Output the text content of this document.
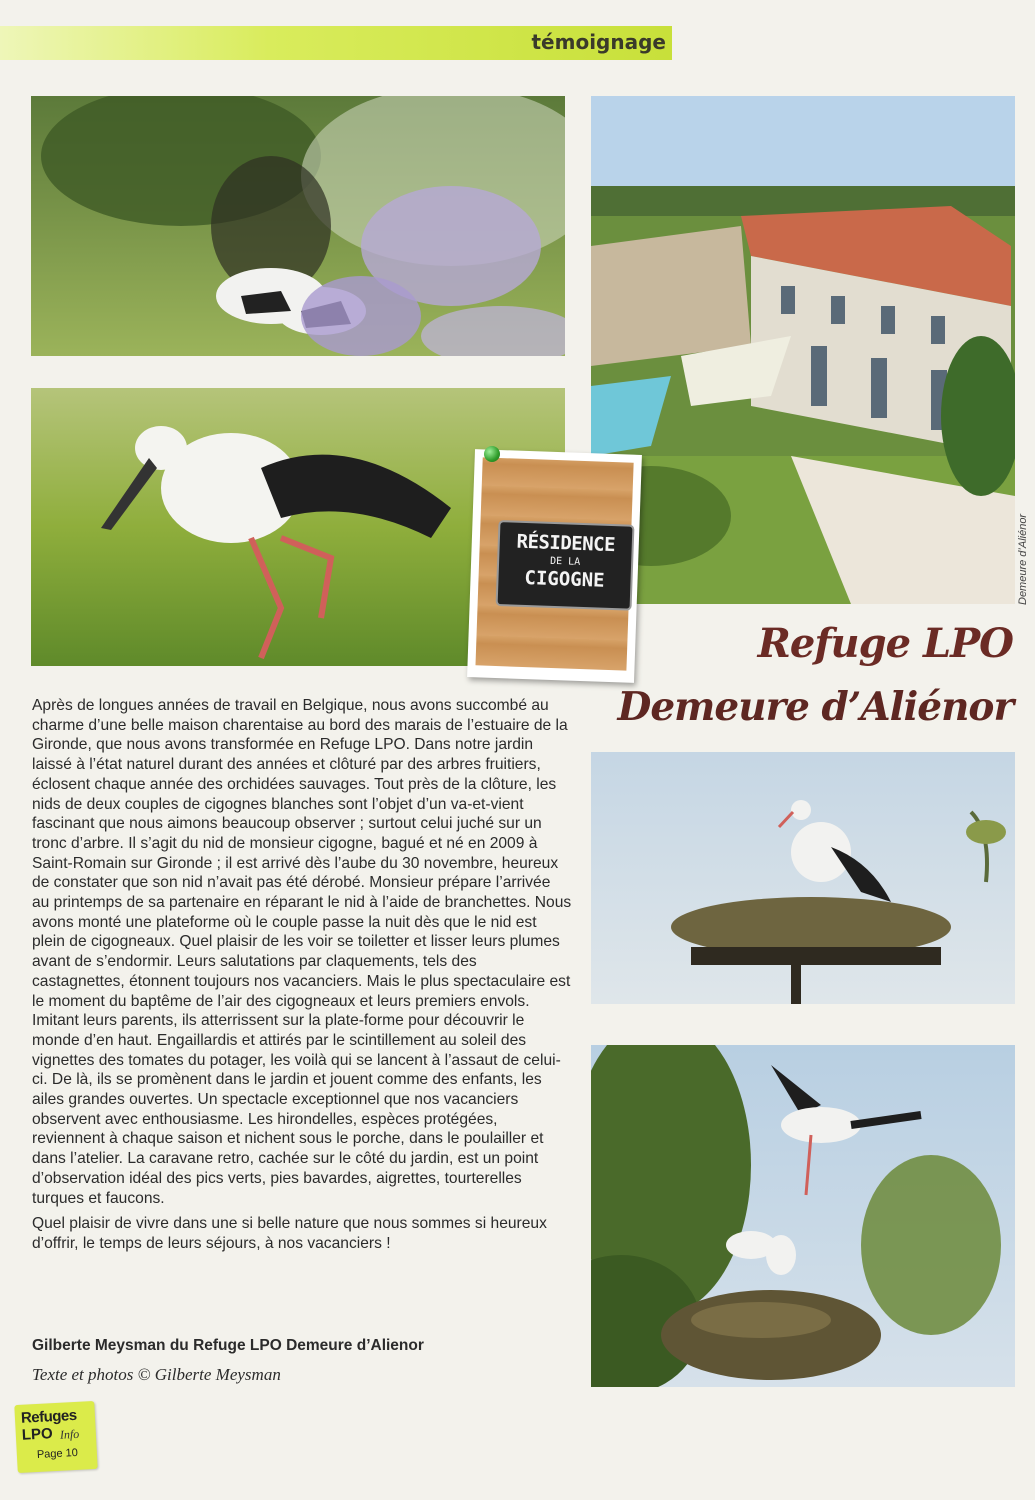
témoignage
Demeure d’Aliénor
RÉSIDENCE
DE LA
CIGOGNE
Refuge LPO
Demeure d’Aliénor

Après de longues années de travail en Belgique, nous avons succombé au charme d’une belle maison charentaise au bord des marais de l’estuaire de la Gironde, que nous avons transformée en Refuge LPO. Dans notre jardin laissé à l’état naturel durant des années et clôturé par des arbres fruitiers, éclosent chaque année des orchidées sauvages. Tout près de la clôture, les nids de deux couples de cigognes blanches sont l’objet d’un va-et-vient fascinant que nous aimons beaucoup observer ; surtout celui juché sur un tronc d’arbre. Il s’agit du nid de monsieur cigogne, bagué et né en 2009 à Saint-Romain sur Gironde ; il est arrivé dès l’aube du 30 novembre, heureux de constater que son nid n’avait pas été dérobé. Monsieur prépare l’arrivée au printemps de sa partenaire en réparant le nid à l’aide de branchettes. Nous avons monté une plateforme où le couple passe la nuit dès que le nid est plein de cigogneaux. Quel plaisir de les voir se toiletter et lisser leurs plumes avant de s’endormir. Leurs salutations par claquements, tels des castagnettes, étonnent toujours nos vacanciers. Mais le plus spectaculaire est le moment du baptême de l’air des cigogneaux et leurs premiers envols. Imitant leurs parents, ils atterrissent sur la plate-forme pour découvrir le monde d’en haut. Engaillardis et attirés par le scintillement au soleil des vignettes des tomates du potager, les voilà qui se lancent à l’assaut de celui-ci. De là, ils se promènent dans le jardin et jouent comme des enfants, les ailes grandes ouvertes. Un spectacle exceptionnel que nos vacanciers observent avec enthousiasme. Les hirondelles, espèces protégées, reviennent à chaque saison et nichent sous le porche, dans le poulailler et dans l’atelier. La caravane retro, cachée sur le côté du jardin, est un point d’observation idéal des pics verts, pies bavardes, aigrettes, tourterelles turques et faucons.

Quel plaisir de vivre dans une si belle nature que nous sommes si heureux d’offrir, le temps de leurs séjours, à nos vacanciers !

Gilberte Meysman du Refuge LPO Demeure d’Alienor
Texte et photos © Gilberte Meysman
Refuges
LPO Info
Page 10
